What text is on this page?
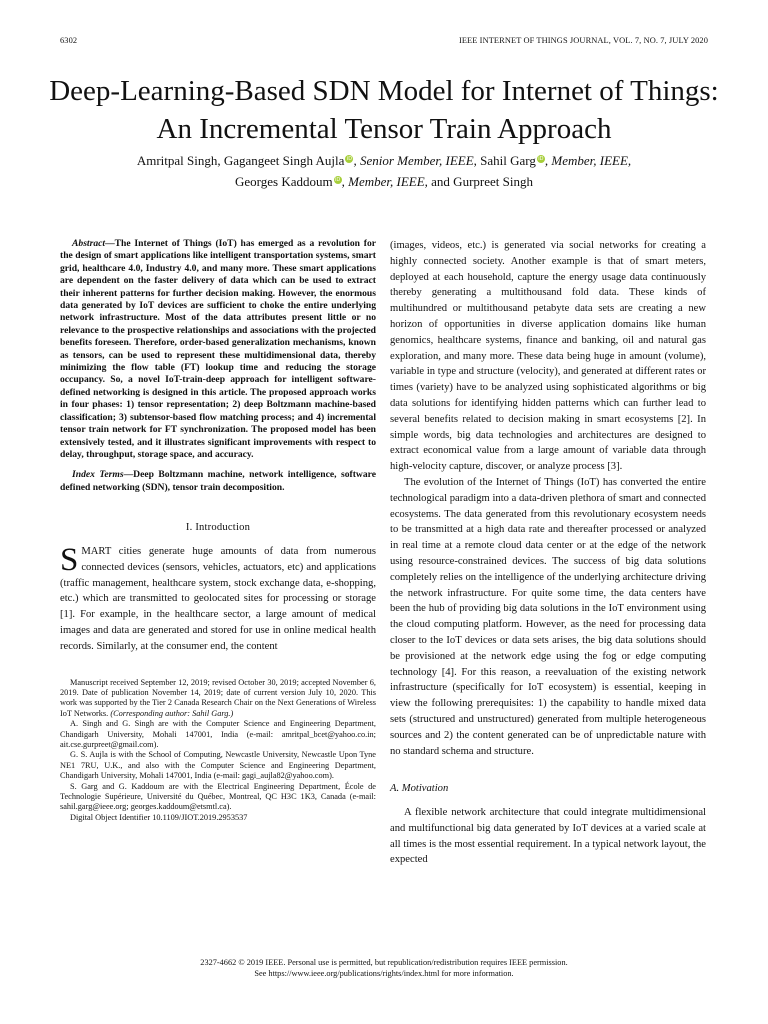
6302	IEEE INTERNET OF THINGS JOURNAL, VOL. 7, NO. 7, JULY 2020
Deep-Learning-Based SDN Model for Internet of Things: An Incremental Tensor Train Approach
Amritpal Singh, Gagangeet Singh Aujla iD, Senior Member, IEEE, Sahil Garg iD, Member, IEEE,
Georges Kaddoum iD, Member, IEEE, and Gurpreet Singh

Abstract—The Internet of Things (IoT) has emerged as a revolution for the design of smart applications like intelligent transportation systems, smart grid, healthcare 4.0, Industry 4.0, and many more. These smart applications are dependent on the faster delivery of data which can be used to extract their inherent patterns for further decision making. However, the enormous data generated by IoT devices are sufficient to choke the entire underlying network infrastructure. Most of the data attributes present little or no relevance to the prospective relationships and associations with the projected benefits foreseen. Therefore, order-based generalization mechanisms, known as tensors, can be used to represent these multidimensional data, thereby minimizing the flow table (FT) lookup time and reducing the storage occupancy. So, a novel IoT-train-deep approach for intelligent software-defined networking is designed in this article. The proposed approach works in four phases: 1) tensor representation; 2) deep Boltzmann machine-based classification; 3) subtensor-based flow matching process; and 4) incremental tensor train network for FT synchronization. The proposed model has been extensively tested, and it illustrates significant improvements with respect to delay, throughput, storage space, and accuracy.

Index Terms—Deep Boltzmann machine, network intelligence, software defined networking (SDN), tensor train decomposition.

I. Introduction

SMART cities generate huge amounts of data from numerous connected devices (sensors, vehicles, actuators, etc) and applications (traffic management, healthcare system, stock exchange data, e-shopping, etc.) which are transmitted to geolocated sites for processing or storage [1]. For example, in the healthcare sector, a large amount of medical images and data are generated and stored for use in online medical health records. Similarly, at the consumer end, the content

Manuscript received September 12, 2019; revised October 30, 2019; accepted November 6, 2019. Date of publication November 14, 2019; date of current version July 10, 2020. This work was supported by the Tier 2 Canada Research Chair on the Next Generations of Wireless IoT Networks. (Corresponding author: Sahil Garg.)

A. Singh and G. Singh are with the Computer Science and Engineering Department, Chandigarh University, Mohali 147001, India (e-mail: amritpal_bcet@yahoo.co.in; ait.cse.gurpreet@gmail.com).

G. S. Aujla is with the School of Computing, Newcastle University, Newcastle Upon Tyne NE1 7RU, U.K., and also with the Computer Science and Engineering Department, Chandigarh University, Mohali 147001, India (e-mail: gagi_aujla82@yahoo.com).

S. Garg and G. Kaddoum are with the Electrical Engineering Department, École de Technologie Supérieure, Université du Québec, Montreal, QC H3C 1K3, Canada (e-mail: sahil.garg@ieee.org; georges.kaddoum@etsmtl.ca).

Digital Object Identifier 10.1109/JIOT.2019.2953537

(images, videos, etc.) is generated via social networks for creating a highly connected society. Another example is that of smart meters, deployed at each household, capture the energy usage data continuously thereby generating a multithousand fold data. These kinds of multihundred or multithousand petabyte data sets are creating a new horizon of opportunities in diverse application domains like human genomics, healthcare systems, finance and banking, oil and natural gas exploration, and many more. These data being huge in amount (volume), variable in type and structure (velocity), and generated at different rates or times (variety) have to be analyzed using sophisticated algorithms or big data solutions for identifying hidden patterns which can further lead to several benefits related to decision making in smart ecosystems [2]. In simple words, big data technologies and architectures are designed to extract economical value from a large amount of variable data through high-velocity capture, discover, or analyze process [3].

The evolution of the Internet of Things (IoT) has converted the entire technological paradigm into a data-driven plethora of smart and connected ecosystems. The data generated from this revolutionary ecosystem needs to be transmitted at a high data rate and thereafter processed or analyzed in real time at a remote cloud data center or at the edge of the network using resource-constrained devices. The success of big data solutions completely relies on the intelligence of the underlying architecture driving the network infrastructure. For quite some time, the data centers have been the hub of providing big data solutions in the IoT environment using the cloud computing platform. However, as the need for processing data closer to the IoT devices or data sets arises, the big data solutions should be provisioned at the network edge using the fog or edge computing technology [4]. For this reason, a reevaluation of the existing network infrastructure (specifically for IoT ecosystem) is essential, keeping in view the following prerequisites: 1) the capability to handle mixed data sets (structured and unstructured) generated from multiple heterogeneous sources and 2) the content generated can be of unpredictable nature with no standard schema and structure.

A. Motivation

A flexible network architecture that could integrate multidimensional and multifunctional big data generated by IoT devices at a varied scale at all times is the most essential requirement. In a typical network layout, the expected

2327-4662 © 2019 IEEE. Personal use is permitted, but republication/redistribution requires IEEE permission.
See https://www.ieee.org/publications/rights/index.html for more information.
